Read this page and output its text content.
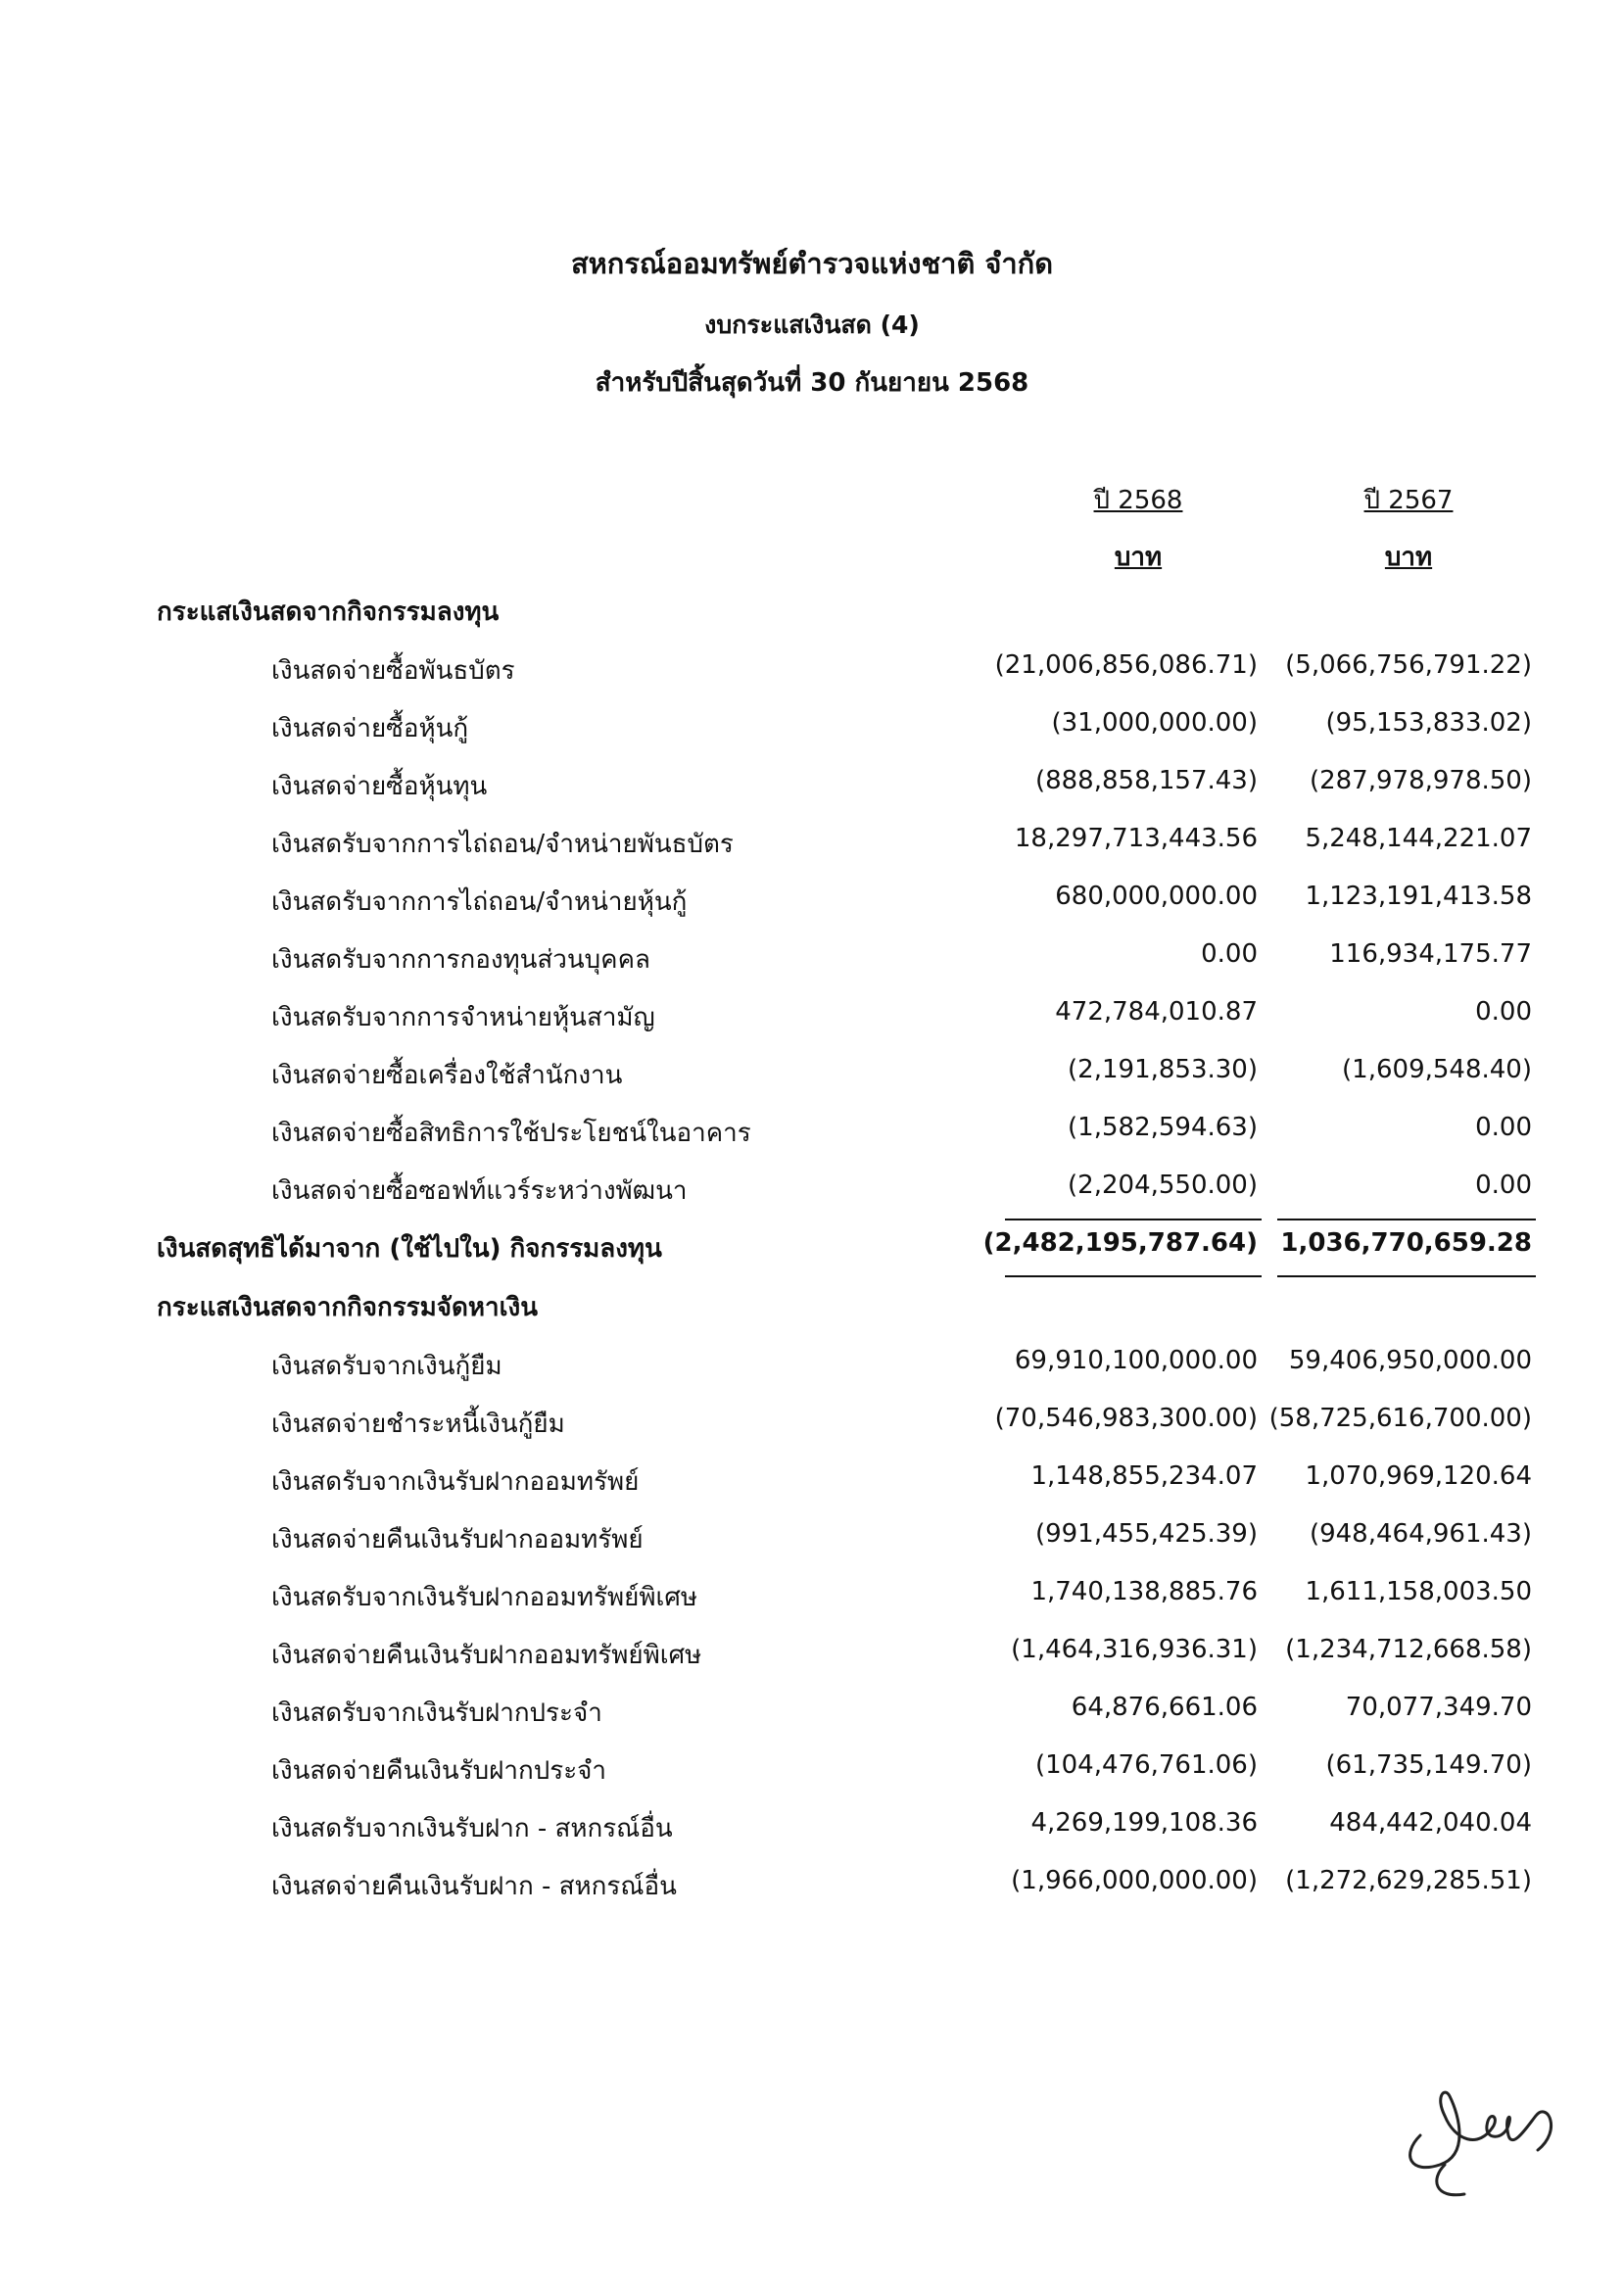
สหกรณ์ออมทรัพย์ตำรวจแห่งชาติ จำกัด
งบกระแสเงินสด (4)
สำหรับปีสิ้นสุดวันที่ 30 กันยายน 2568
ปี 2568	ปี 2567
บาท	บาท
กระแสเงินสดจากกิจกรรมลงทุน
เงินสดจ่ายซื้อพันธบัตร	(21,006,856,086.71)	(5,066,756,791.22)
เงินสดจ่ายซื้อหุ้นกู้	(31,000,000.00)	(95,153,833.02)
เงินสดจ่ายซื้อหุ้นทุน	(888,858,157.43)	(287,978,978.50)
เงินสดรับจากการไถ่ถอน/จำหน่ายพันธบัตร	18,297,713,443.56	5,248,144,221.07
เงินสดรับจากการไถ่ถอน/จำหน่ายหุ้นกู้	680,000,000.00	1,123,191,413.58
เงินสดรับจากการกองทุนส่วนบุคคล	0.00	116,934,175.77
เงินสดรับจากการจำหน่ายหุ้นสามัญ	472,784,010.87	0.00
เงินสดจ่ายซื้อเครื่องใช้สำนักงาน	(2,191,853.30)	(1,609,548.40)
เงินสดจ่ายซื้อสิทธิการใช้ประโยชน์ในอาคาร	(1,582,594.63)	0.00
เงินสดจ่ายซื้อซอฟท์แวร์ระหว่างพัฒนา	(2,204,550.00)	0.00
เงินสดสุทธิได้มาจาก (ใช้ไปใน) กิจกรรมลงทุน	(2,482,195,787.64) 1,036,770,659.28
กระแสเงินสดจากกิจกรรมจัดหาเงิน
เงินสดรับจากเงินกู้ยืม	69,910,100,000.00	59,406,950,000.00
เงินสดจ่ายชำระหนี้เงินกู้ยืม	(70,546,983,300.00) (58,725,616,700.00)
เงินสดรับจากเงินรับฝากออมทรัพย์	1,148,855,234.07	1,070,969,120.64
เงินสดจ่ายคืนเงินรับฝากออมทรัพย์	(991,455,425.39)	(948,464,961.43)
เงินสดรับจากเงินรับฝากออมทรัพย์พิเศษ	1,740,138,885.76	1,611,158,003.50
เงินสดจ่ายคืนเงินรับฝากออมทรัพย์พิเศษ	(1,464,316,936.31)	(1,234,712,668.58)
เงินสดรับจากเงินรับฝากประจำ	64,876,661.06	70,077,349.70
เงินสดจ่ายคืนเงินรับฝากประจำ	(104,476,761.06)	(61,735,149.70)
เงินสดรับจากเงินรับฝาก - สหกรณ์อื่น	4,269,199,108.36	484,442,040.04
เงินสดจ่ายคืนเงินรับฝาก - สหกรณ์อื่น	(1,966,000,000.00)	(1,272,629,285.51)
